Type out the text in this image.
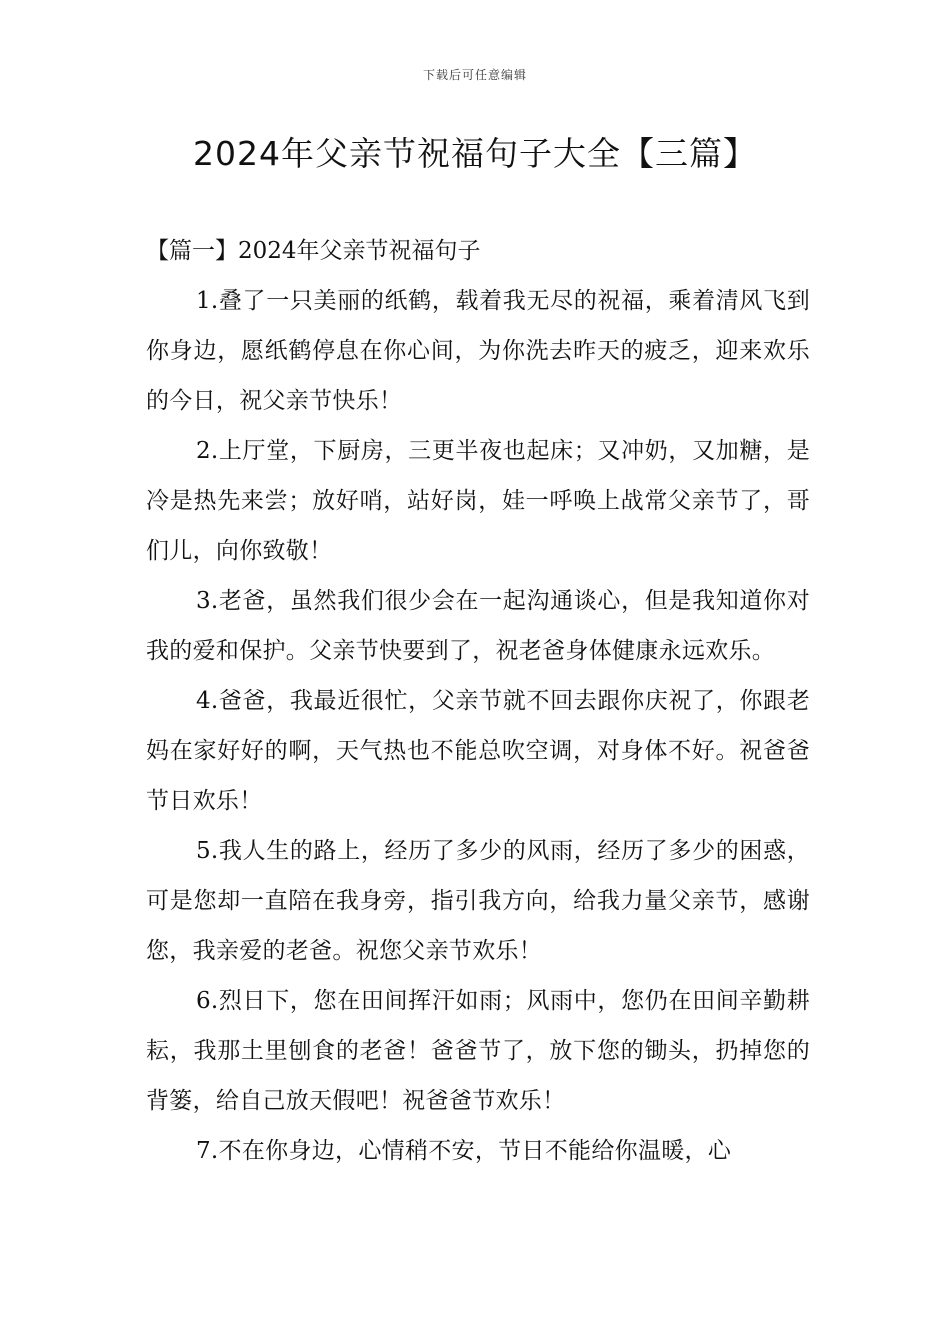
下载后可任意编辑
2024年父亲节祝福句子大全【三篇】

【篇一】2024年父亲节祝福句子

1.叠了一只美丽的纸鹤，载着我无尽的祝福，乘着清风飞到你身边，愿纸鹤停息在你心间，为你洗去昨天的疲乏，迎来欢乐的今日，祝父亲节快乐！

2.上厅堂，下厨房，三更半夜也起床；又冲奶，又加糖，是冷是热先来尝；放好哨，站好岗，娃一呼唤上战常父亲节了，哥们儿，向你致敬！

3.老爸，虽然我们很少会在一起沟通谈心，但是我知道你对我的爱和保护。父亲节快要到了，祝老爸身体健康永远欢乐。

4.爸爸，我最近很忙，父亲节就不回去跟你庆祝了，你跟老妈在家好好的啊，天气热也不能总吹空调，对身体不好。祝爸爸节日欢乐！

5.我人生的路上，经历了多少的风雨，经历了多少的困惑，可是您却一直陪在我身旁，指引我方向，给我力量父亲节，感谢您，我亲爱的老爸。祝您父亲节欢乐！

6.烈日下，您在田间挥汗如雨；风雨中，您仍在田间辛勤耕耘，我那土里刨食的老爸！爸爸节了，放下您的锄头，扔掉您的背篓，给自己放天假吧！祝爸爸节欢乐！

7.不在你身边，心情稍不安，节日不能给你温暖，心
